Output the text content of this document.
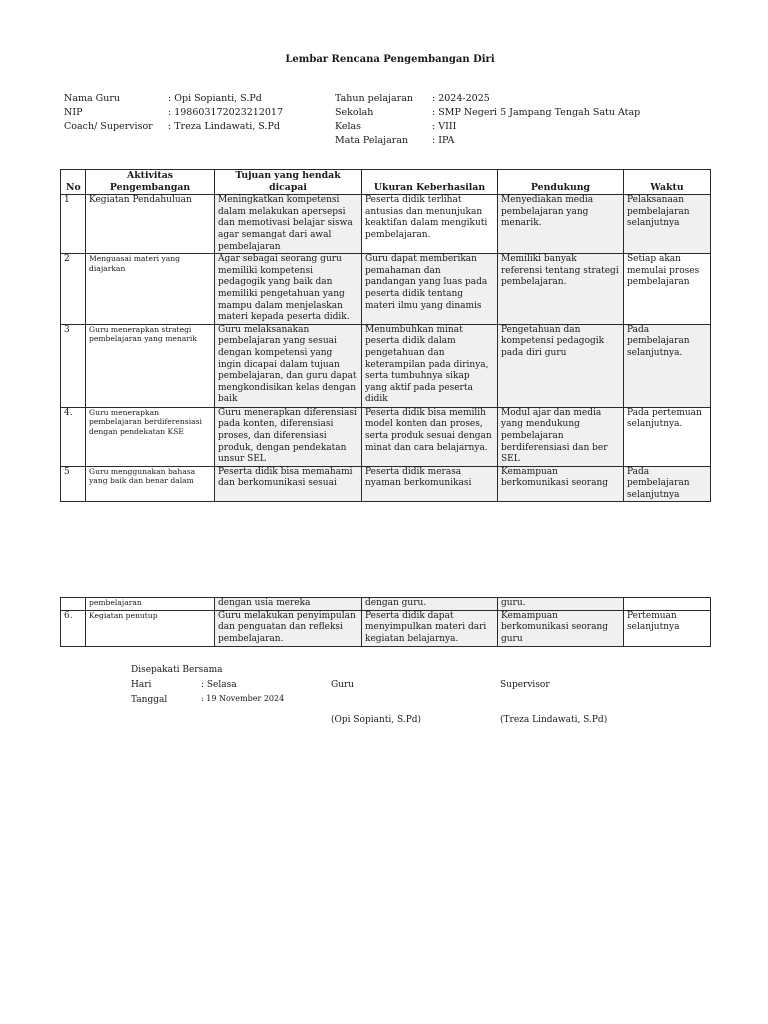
Lembar Rencana Pengembangan Diri
Nama Guru	: Opi Sopianti, S.Pd
NIP	: 198603172023212017
Coach/ Supervisor : Treza Lindawati, S.Pd
Tahun pelajaran : 2024-2025
Sekolah	: SMP Negeri 5 Jampang Tengah Satu Atap
Kelas	: VIII
Mata Pelajaran	: IPA
No	Aktivitas Pengembangan	Tujuan yang hendak dicapai	Ukuran Keberhasilan	Pendukung	Waktu
1	Kegiatan Pendahuluan	Meningkatkan kompetensi dalam melakukan apersepsi dan memotivasi belajar siswa agar semangat dari awal pembelajaran	Peserta didik terlihat antusias dan menunjukan keaktifan dalam mengikuti pembelajaran.	Menyediakan media pembelajaran yang menarik.	Pelaksanaan pembelajaran selanjutnya
2	Menguasai materi yang diajarkan	Agar sebagai seorang guru memiliki kompetensi pedagogik yang baik dan memiliki pengetahuan yang mampu dalam menjelaskan materi kepada peserta didik.	Guru dapat memberikan pemahaman dan pandangan yang luas pada peserta didik tentang materi ilmu yang dinamis	Memiliki banyak referensi tentang strategi pembelajaran.	Setiap akan memulai proses pembelajaran
3	Guru menerapkan strategi pembelajaran yang menarik	Guru melaksanakan pembelajaran yang sesuai dengan kompetensi yang ingin dicapai dalam tujuan pembelajaran, dan guru dapat mengkondisikan kelas dengan baik	Menumbuhkan minat peserta didik dalam pengetahuan dan keterampilan pada dirinya, serta tumbuhnya sikap yang aktif pada peserta didik	Pengetahuan dan kompetensi pedagogik pada diri guru	Pada pembelajaran selanjutnya.
4.	Guru menerapkan pembelajaran berdiferensiasi dengan pendekatan KSE	Guru menerapkan diferensiasi pada konten, diferensiasi proses, dan diferensiasi produk, dengan pendekatan unsur SEL	Peserta didik bisa memilih model konten dan proses, serta produk sesuai dengan minat dan cara belajarnya.	Modul ajar dan media yang mendukung pembelajaran berdiferensiasi dan ber SEL	Pada pertemuan selanjutnya.
5	Guru menggunakan bahasa yang baik dan benar dalam	Peserta didik bisa memahami dan berkomunikasi sesuai	Peserta didik merasa nyaman berkomunikasi	Kemampuan berkomunikasi seorang	Pada pembelajaran selanjutnya
	pembelajaran	dengan usia mereka	dengan guru.	guru.	
6.	Kegiatan penutup	Guru melakukan penyimpulan dan penguatan dan refleksi pembelajaran.	Peserta didik dapat menyimpulkan materi dari kegiatan belajarnya.	Kemampuan berkomunikasi seorang guru	Pertemuan selanjutnya
Disepakati Bersama
Hari	: Selasa	Guru	Supervisor
Tanggal	: 19 November 2024
(Opi Sopianti, S.Pd)	(Treza Lindawati, S.Pd)
